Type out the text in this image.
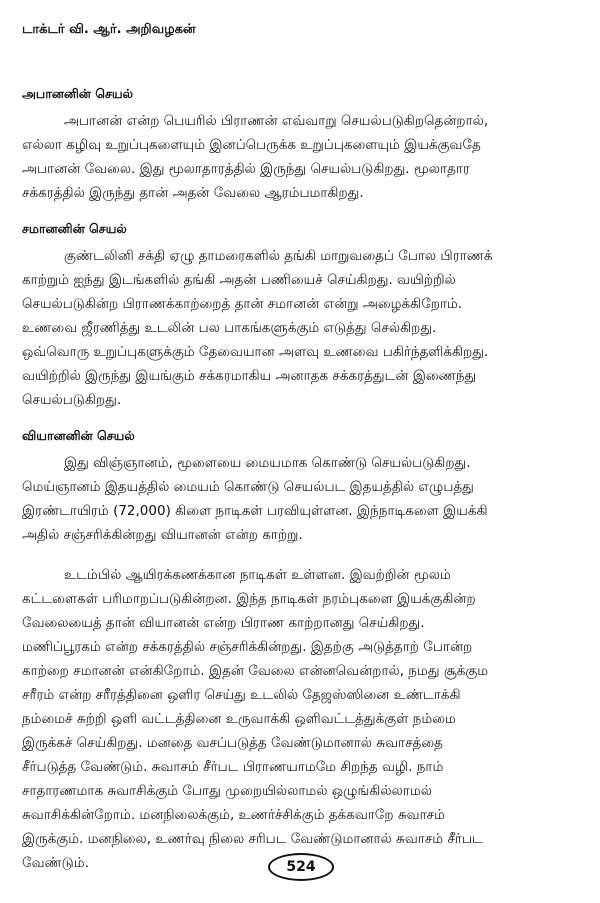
டாக்டர் வி. ஆர். அறிவழகன்
அபானனின் செயல்
அபானன் என்ற பெயரில் பிராணன் எவ்வாறு செயல்படுகிறதென்றால்,
எல்லா கழிவு உறுப்புகளையும் இனப்பெருக்க உறுப்புகளையும் இயக்குவதே
அபானன் வேலை. இது மூலாதாரத்தில் இருந்து செயல்படுகிறது. மூலாதார
சக்கரத்தில் இருந்து தான் அதன் வேலை ஆரம்பமாகிறது.
சமானனின் செயல்
குண்டலினி சக்தி ஏழு தாமரைகளில் தங்கி மாறுவதைப் போல பிராணக்
காற்றும் ஐந்து இடங்களில் தங்கி அதன் பணியைச் செய்கிறது. வயிற்றில்
செயல்படுகின்ற பிராணக்காற்றைத் தான் சமானன் என்று அழைக்கிறோம்.
உணவை ஜீரணித்து உடலின் பல பாகங்களுக்கும் எடுத்து செல்கிறது.
ஒவ்வொரு உறுப்புகளுக்கும் தேவையான அளவு உணவை பகிர்ந்தளிக்கிறது.
வயிற்றில் இருந்து இயங்கும் சக்கரமாகிய அனாதக சக்கரத்துடன் இணைந்து
செயல்படுகிறது.
வியானனின் செயல்
இது விஞ்ஞானம், மூளையை மையமாக கொண்டு செயல்படுகிறது.
மெய்ஞானம் இதயத்தில் மையம் கொண்டு செயல்பட இதயத்தில் எழுபத்து
இரண்டாயிரம் (72,000) கிளை நாடிகள் பரவியுள்ளன. இந்நாடிகளை இயக்கி
அதில் சஞ்சரிக்கின்றது வியானன் என்ற காற்று.
உடம்பில் ஆயிரக்கணக்கான நாடிகள் உள்ளன. இவற்றின் மூலம்
கட்டளைகள் பரிமாறப்படுகின்றன. இந்த நாடிகள் நரம்புகளை இயக்குகின்ற
வேலையைத் தான் வியானன் என்ற பிராண காற்றானது செய்கிறது.
மணிப்பூரகம் என்ற சக்கரத்தில் சஞ்சரிக்கின்றது. இதற்கு அடுத்தாற் போன்ற
காற்றை சமானன் என்கிறோம். இதன் வேலை என்னவென்றால், நமது சூக்கும
சரீரம் என்ற சரீரத்தினை ஒளிர செய்து உடலில் தேஜஸ்ஸினை உண்டாக்கி
நம்மைச் சுற்றி ஒளி வட்டத்தினை உருவாக்கி ஒளிவட்டத்துக்குள் நம்மை
இருக்கச் செய்கிறது. மனதை வசப்படுத்த வேண்டுமானால் சுவாசத்தை
சீர்படுத்த வேண்டும். சுவாசம் சீர்பட பிராணயாமமே சிறந்த வழி. நாம்
சாதாரணமாக சுவாசிக்கும் போது முறையில்லாமல் ஒழுங்கில்லாமல்
சுவாசிக்கின்றோம். மனநிலைக்கும், உணர்ச்சிக்கும் தக்கவாறே சுவாசம்
இருக்கும். மனநிலை, உணர்வு நிலை சரிபட வேண்டுமானால் சுவாசம் சீர்பட
வேண்டும்.	524
